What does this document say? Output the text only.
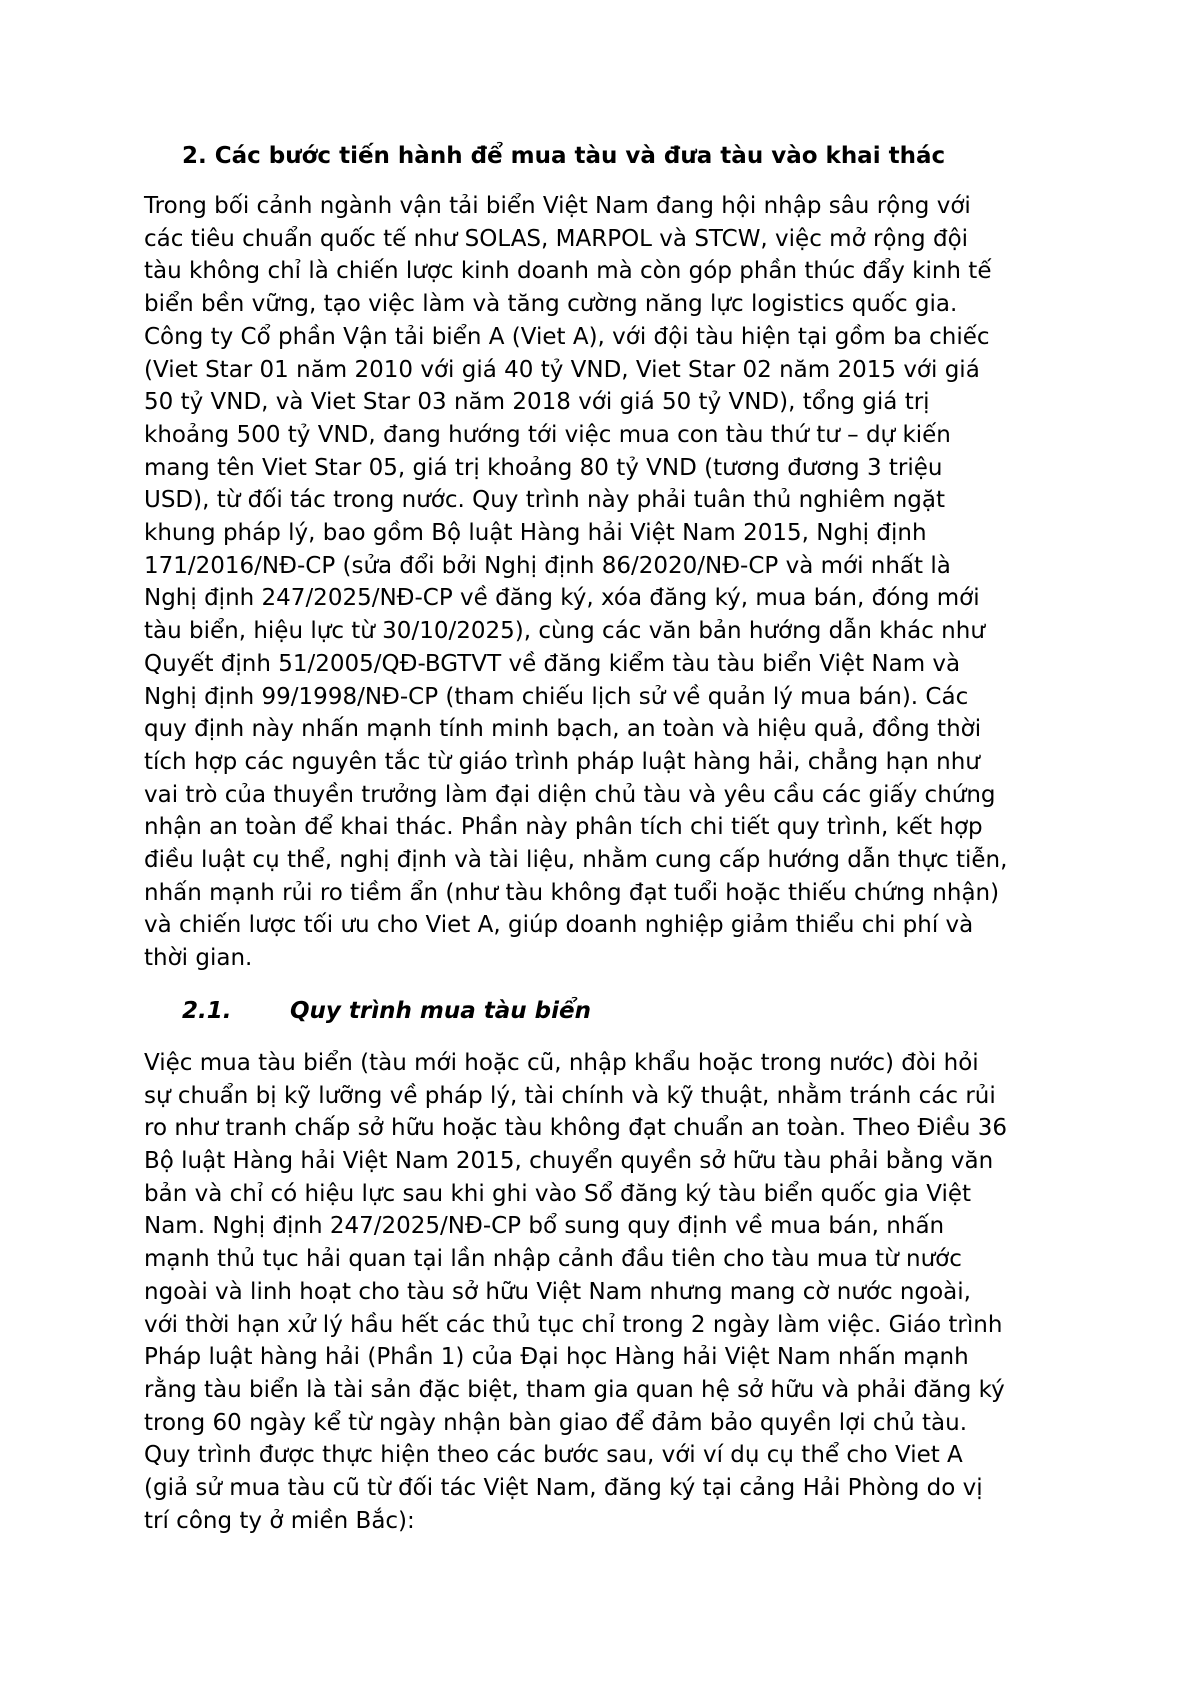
2. Các bước tiến hành để mua tàu và đưa tàu vào khai thác

Trong bối cảnh ngành vận tải biển Việt Nam đang hội nhập sâu rộng với
các tiêu chuẩn quốc tế như SOLAS, MARPOL và STCW, việc mở rộng đội
tàu không chỉ là chiến lược kinh doanh mà còn góp phần thúc đẩy kinh tế
biển bền vững, tạo việc làm và tăng cường năng lực logistics quốc gia.
Công ty Cổ phần Vận tải biển A (Viet A), với đội tàu hiện tại gồm ba chiếc
(Viet Star 01 năm 2010 với giá 40 tỷ VND, Viet Star 02 năm 2015 với giá
50 tỷ VND, và Viet Star 03 năm 2018 với giá 50 tỷ VND), tổng giá trị
khoảng 500 tỷ VND, đang hướng tới việc mua con tàu thứ tư – dự kiến
mang tên Viet Star 05, giá trị khoảng 80 tỷ VND (tương đương 3 triệu
USD), từ đối tác trong nước. Quy trình này phải tuân thủ nghiêm ngặt
khung pháp lý, bao gồm Bộ luật Hàng hải Việt Nam 2015, Nghị định
171/2016/NĐ-CP (sửa đổi bởi Nghị định 86/2020/NĐ-CP và mới nhất là
Nghị định 247/2025/NĐ-CP về đăng ký, xóa đăng ký, mua bán, đóng mới
tàu biển, hiệu lực từ 30/10/2025), cùng các văn bản hướng dẫn khác như
Quyết định 51/2005/QĐ-BGTVT về đăng kiểm tàu tàu biển Việt Nam và
Nghị định 99/1998/NĐ-CP (tham chiếu lịch sử về quản lý mua bán). Các
quy định này nhấn mạnh tính minh bạch, an toàn và hiệu quả, đồng thời
tích hợp các nguyên tắc từ giáo trình pháp luật hàng hải, chẳng hạn như
vai trò của thuyền trưởng làm đại diện chủ tàu và yêu cầu các giấy chứng
nhận an toàn để khai thác. Phần này phân tích chi tiết quy trình, kết hợp
điều luật cụ thể, nghị định và tài liệu, nhằm cung cấp hướng dẫn thực tiễn,
nhấn mạnh rủi ro tiềm ẩn (như tàu không đạt tuổi hoặc thiếu chứng nhận)
và chiến lược tối ưu cho Viet A, giúp doanh nghiệp giảm thiểu chi phí và
thời gian.

2.1.	Quy trình mua tàu biển

Việc mua tàu biển (tàu mới hoặc cũ, nhập khẩu hoặc trong nước) đòi hỏi
sự chuẩn bị kỹ lưỡng về pháp lý, tài chính và kỹ thuật, nhằm tránh các rủi
ro như tranh chấp sở hữu hoặc tàu không đạt chuẩn an toàn. Theo Điều 36
Bộ luật Hàng hải Việt Nam 2015, chuyển quyền sở hữu tàu phải bằng văn
bản và chỉ có hiệu lực sau khi ghi vào Sổ đăng ký tàu biển quốc gia Việt
Nam. Nghị định 247/2025/NĐ-CP bổ sung quy định về mua bán, nhấn
mạnh thủ tục hải quan tại lần nhập cảnh đầu tiên cho tàu mua từ nước
ngoài và linh hoạt cho tàu sở hữu Việt Nam nhưng mang cờ nước ngoài,
với thời hạn xử lý hầu hết các thủ tục chỉ trong 2 ngày làm việc. Giáo trình
Pháp luật hàng hải (Phần 1) của Đại học Hàng hải Việt Nam nhấn mạnh
rằng tàu biển là tài sản đặc biệt, tham gia quan hệ sở hữu và phải đăng ký
trong 60 ngày kể từ ngày nhận bàn giao để đảm bảo quyền lợi chủ tàu.
Quy trình được thực hiện theo các bước sau, với ví dụ cụ thể cho Viet A
(giả sử mua tàu cũ từ đối tác Việt Nam, đăng ký tại cảng Hải Phòng do vị
trí công ty ở miền Bắc):
